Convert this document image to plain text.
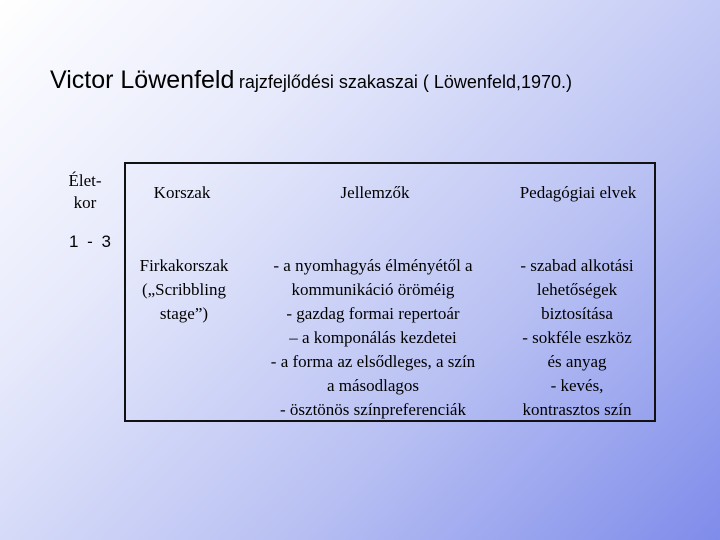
Victor Löwenfeld rajzfejlődési szakaszai ( Löwenfeld,1970.)
Élet-
kor
Korszak	Jellemzők	Pedagógiai elvek
1 - 3
Firkakorszak
(„Scribbling
stage”)
- a nyomhagyás élményétől a
kommunikáció öröméig
- gazdag formai repertoár
– a komponálás kezdetei
- a forma az elsődleges, a szín
a másodlagos
- ösztönös színpreferenciák
- szabad alkotási
lehetőségek
biztosítása
- sokféle eszköz
és anyag
- kevés,
kontrasztos szín
